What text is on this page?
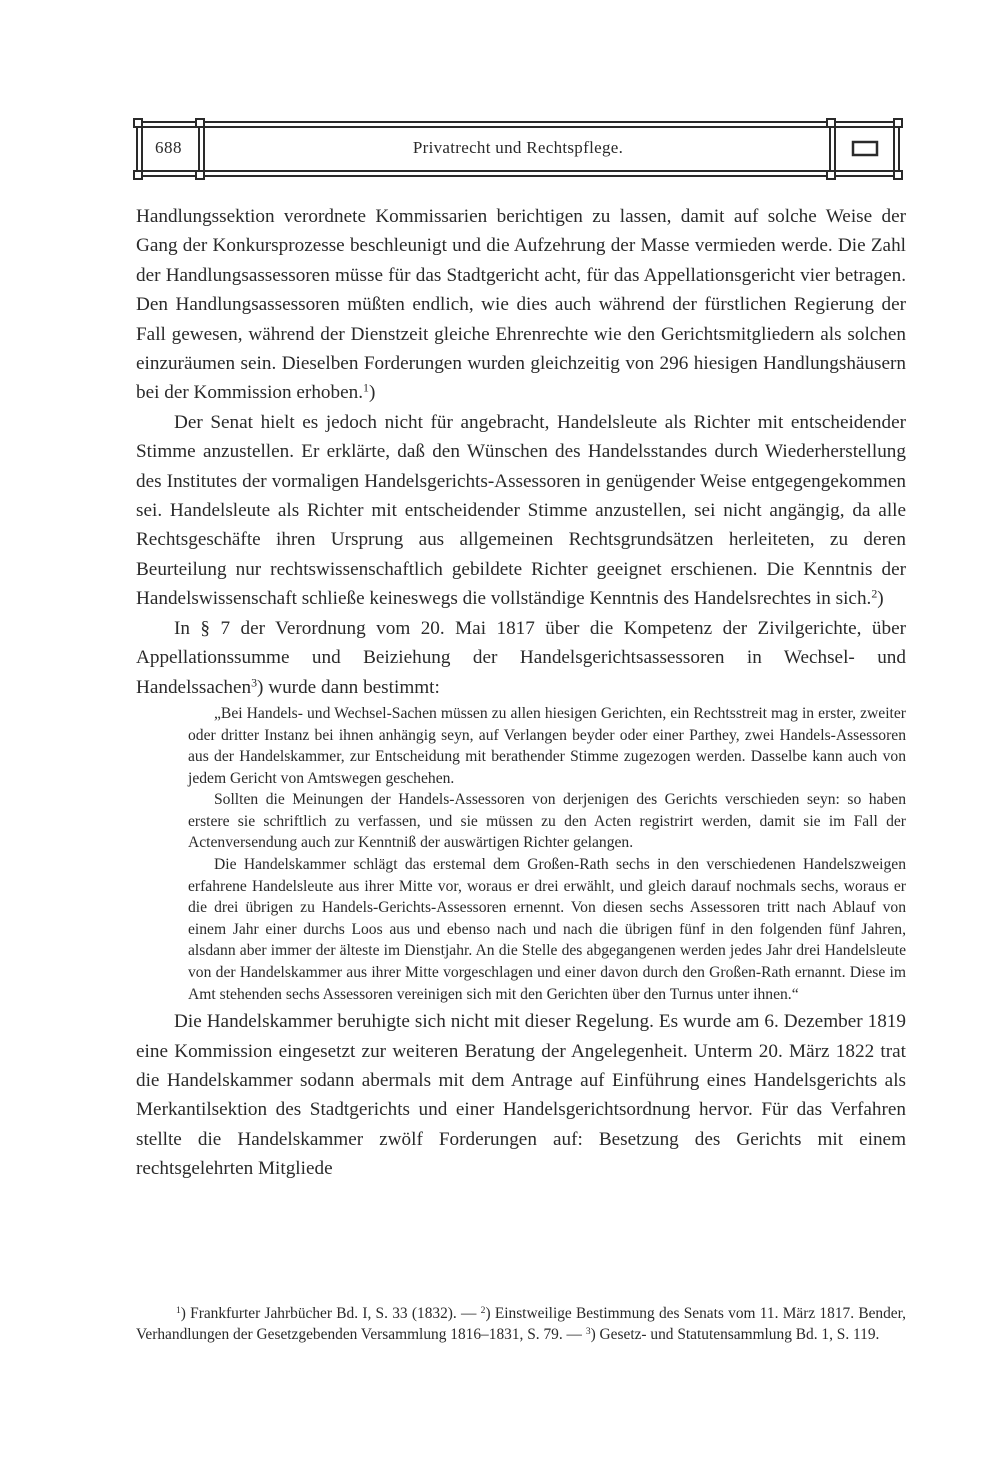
688	Privatrecht und Rechtspflege.

Handlungssektion verordnete Kommissarien berichtigen zu lassen, damit auf solche Weise der Gang der Konkursprozesse beschleunigt und die Aufzehrung der Masse vermieden werde. Die Zahl der Handlungsassessoren müsse für das Stadtgericht acht, für das Appellationsgericht vier betragen. Den Handlungsassessoren müßten endlich, wie dies auch während der fürstlichen Regierung der Fall gewesen, während der Dienstzeit gleiche Ehrenrechte wie den Gerichtsmitgliedern als solchen einzuräumen sein. Dieselben Forderungen wurden gleichzeitig von 296 hiesigen Handlungshäusern bei der Kommission erhoben.$^1$)

Der Senat hielt es jedoch nicht für angebracht, Handelsleute als Richter mit entscheidender Stimme anzustellen. Er erklärte, daß den Wünschen des Handelsstandes durch Wiederherstellung des Institutes der vormaligen Handelsgerichts-Assessoren in genügender Weise entgegengekommen sei. Handelsleute als Richter mit entscheidender Stimme anzustellen, sei nicht angängig, da alle Rechtsgeschäfte ihren Ursprung aus allgemeinen Rechtsgrundsätzen herleiteten, zu deren Beurteilung nur rechtswissenschaftlich gebildete Richter geeignet erschienen. Die Kenntnis der Handelswissenschaft schließe keineswegs die vollständige Kenntnis des Handelsrechtes in sich.$^2$)

In § 7 der Verordnung vom 20. Mai 1817 über die Kompetenz der Zivilgerichte, über Appellationssumme und Beiziehung der Handelsgerichtsassessoren in Wechsel- und Handelssachen$^3$) wurde dann bestimmt:

„Bei Handels- und Wechsel-Sachen müssen zu allen hiesigen Gerichten, ein Rechtsstreit mag in erster, zweiter oder dritter Instanz bei ihnen anhängig seyn, auf Verlangen beyder oder einer Parthey, zwei Handels-Assessoren aus der Handelskammer, zur Entscheidung mit berathender Stimme zugezogen werden. Dasselbe kann auch von jedem Gericht von Amtswegen geschehen.

Sollten die Meinungen der Handels-Assessoren von derjenigen des Gerichts verschieden seyn: so haben erstere sie schriftlich zu verfassen, und sie müssen zu den Acten registrirt werden, damit sie im Fall der Actenversendung auch zur Kenntniß der auswärtigen Richter gelangen.

Die Handelskammer schlägt das erstemal dem Großen-Rath sechs in den verschiedenen Handelszweigen erfahrene Handelsleute aus ihrer Mitte vor, woraus er drei erwählt, und gleich darauf nochmals sechs, woraus er die drei übrigen zu Handels-Gerichts-Assessoren ernennt. Von diesen sechs Assessoren tritt nach Ablauf von einem Jahr einer durchs Loos aus und ebenso nach und nach die übrigen fünf in den folgenden fünf Jahren, alsdann aber immer der älteste im Dienstjahr. An die Stelle des abgegangenen werden jedes Jahr drei Handelsleute von der Handelskammer aus ihrer Mitte vorgeschlagen und einer davon durch den Großen-Rath ernannt. Diese im Amt stehenden sechs Assessoren vereinigen sich mit den Gerichten über den Turnus unter ihnen.“

Die Handelskammer beruhigte sich nicht mit dieser Regelung. Es wurde am 6. Dezember 1819 eine Kommission eingesetzt zur weiteren Beratung der Angelegenheit. Unterm 20. März 1822 trat die Handelskammer sodann abermals mit dem Antrage auf Einführung eines Handelsgerichts als Merkantilsektion des Stadtgerichts und einer Handelsgerichtsordnung hervor. Für das Verfahren stellte die Handelskammer zwölf Forderungen auf: Besetzung des Gerichts mit einem rechtsgelehrten Mitgliede

$^1$) Frankfurter Jahrbücher Bd. I, S. 33 (1832). — $^2$) Einstweilige Bestimmung des Senats vom 11. März 1817. Bender, Verhandlungen der Gesetzgebenden Versammlung 1816–1831, S. 79. — $^3$) Gesetz- und Statutensammlung Bd. 1, S. 119.
